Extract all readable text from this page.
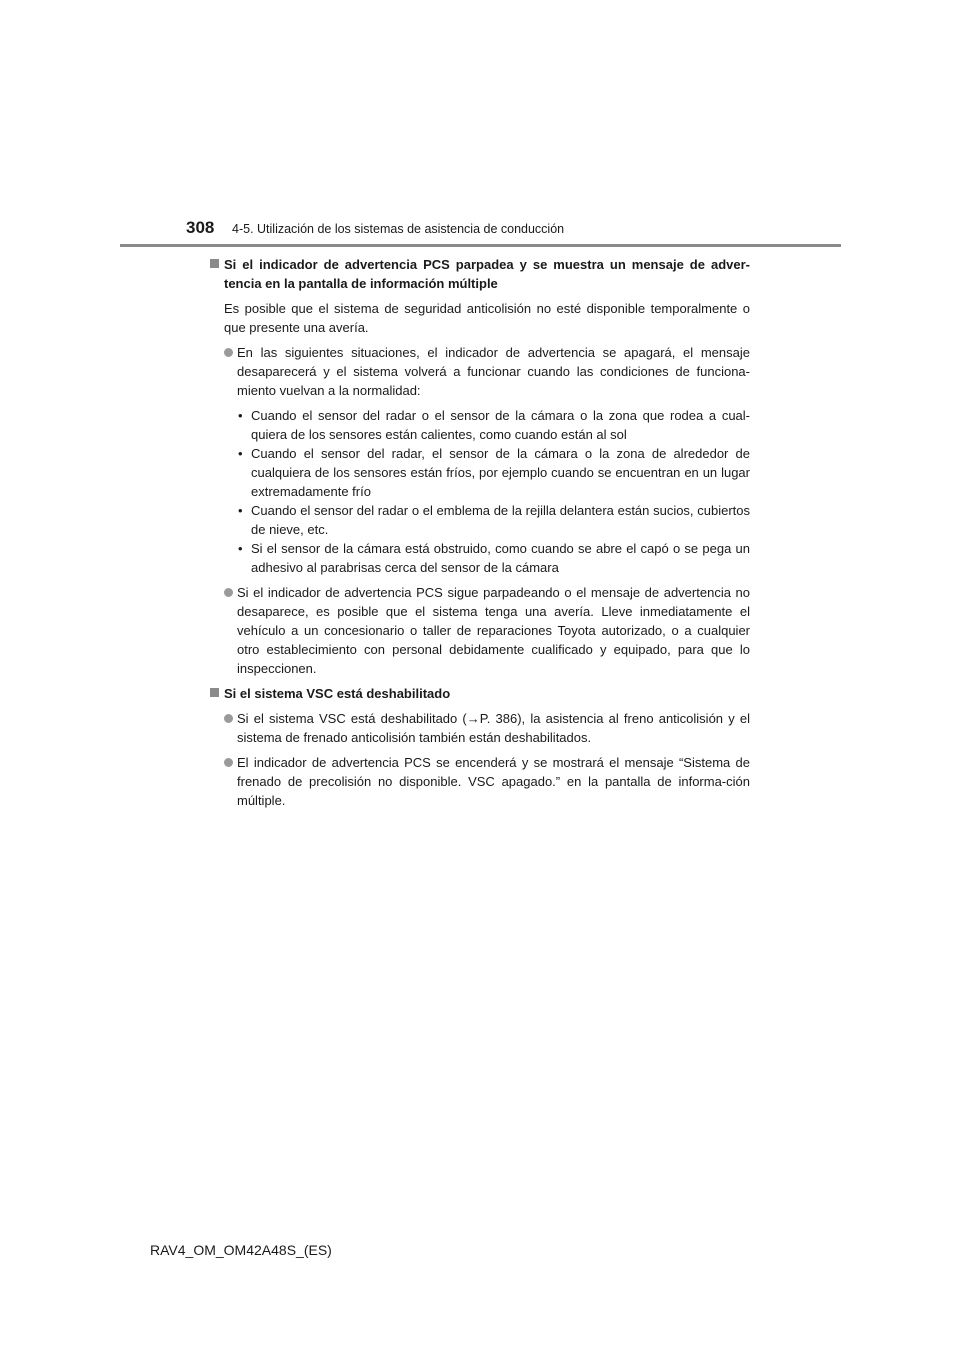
308 4-5. Utilización de los sistemas de asistencia de conducción
Si el indicador de advertencia PCS parpadea y se muestra un mensaje de adver-tencia en la pantalla de información múltiple
Es posible que el sistema de seguridad anticolisión no esté disponible temporalmente o que presente una avería.
En las siguientes situaciones, el indicador de advertencia se apagará, el mensaje desaparecerá y el sistema volverá a funcionar cuando las condiciones de funciona-miento vuelvan a la normalidad:
• Cuando el sensor del radar o el sensor de la cámara o la zona que rodea a cual-quiera de los sensores están calientes, como cuando están al sol
• Cuando el sensor del radar, el sensor de la cámara o la zona de alrededor de cualquiera de los sensores están fríos, por ejemplo cuando se encuentran en un lugar extremadamente frío
• Cuando el sensor del radar o el emblema de la rejilla delantera están sucios, cubiertos de nieve, etc.
• Si el sensor de la cámara está obstruido, como cuando se abre el capó o se pega un adhesivo al parabrisas cerca del sensor de la cámara
Si el indicador de advertencia PCS sigue parpadeando o el mensaje de advertencia no desaparece, es posible que el sistema tenga una avería. Lleve inmediatamente el vehículo a un concesionario o taller de reparaciones Toyota autorizado, o a cualquier otro establecimiento con personal debidamente cualificado y equipado, para que lo inspeccionen.
Si el sistema VSC está deshabilitado
Si el sistema VSC está deshabilitado (→P. 386), la asistencia al freno anticolisión y el sistema de frenado anticolisión también están deshabilitados.
El indicador de advertencia PCS se encenderá y se mostrará el mensaje “Sistema de frenado de precolisión no disponible. VSC apagado.” en la pantalla de informa-ción múltiple.
RAV4_OM_OM42A48S_(ES)
